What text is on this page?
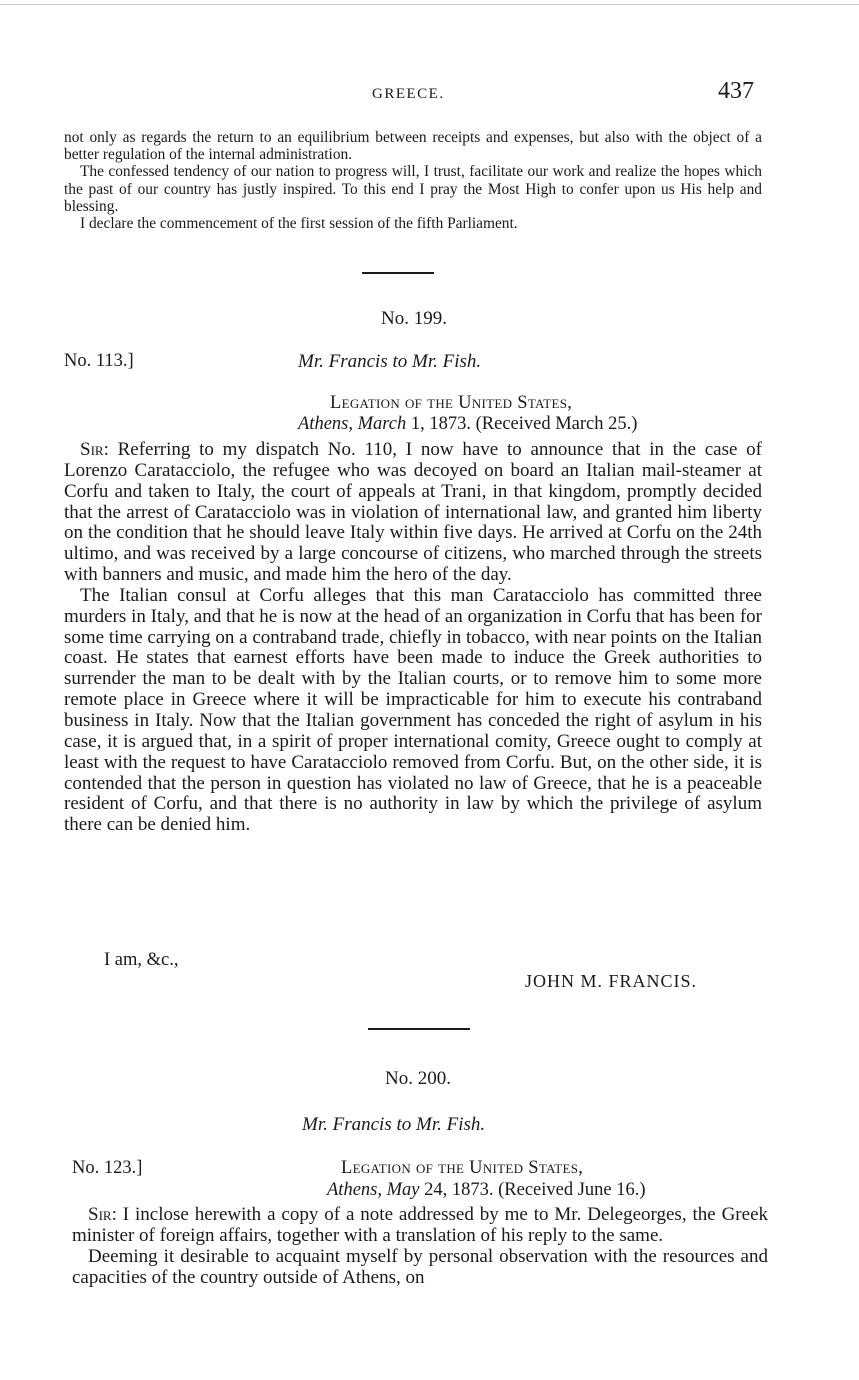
GREECE.	437

not only as regards the return to an equilibrium between receipts and expenses, but also with the object of a better regulation of the internal administration.

The confessed tendency of our nation to progress will, I trust, facilitate our work and realize the hopes which the past of our country has justly inspired. To this end I pray the Most High to confer upon us His help and blessing.

I declare the commencement of the first session of the fifth Parliament.

No. 199.
No. 113.]	Mr. Francis to Mr. Fish.
Legation of the United States,
Athens, March 1, 1873. (Received March 25.)

Sir: Referring to my dispatch No. 110, I now have to announce that in the case of Lorenzo Caratacciolo, the refugee who was decoyed on board an Italian mail-steamer at Corfu and taken to Italy, the court of appeals at Trani, in that kingdom, promptly decided that the arrest of Caratacciolo was in violation of international law, and granted him liberty on the condition that he should leave Italy within five days. He arrived at Corfu on the 24th ultimo, and was received by a large concourse of citizens, who marched through the streets with banners and music, and made him the hero of the day.

The Italian consul at Corfu alleges that this man Caratacciolo has committed three murders in Italy, and that he is now at the head of an organization in Corfu that has been for some time carrying on a contraband trade, chiefly in tobacco, with near points on the Italian coast. He states that earnest efforts have been made to induce the Greek authorities to surrender the man to be dealt with by the Italian courts, or to remove him to some more remote place in Greece where it will be impracticable for him to execute his contraband business in Italy. Now that the Italian government has conceded the right of asylum in his case, it is argued that, in a spirit of proper international comity, Greece ought to comply at least with the request to have Caratacciolo removed from Corfu. But, on the other side, it is contended that the person in question has violated no law of Greece, that he is a peaceable resident of Corfu, and that there is no authority in law by which the privilege of asylum there can be denied him.

I am, &c.,
JOHN M. FRANCIS.
No. 200.
Mr. Francis to Mr. Fish.
No. 123.]	Legation of the United States,
Athens, May 24, 1873. (Received June 16.)

Sir: I inclose herewith a copy of a note addressed by me to Mr. Delegeorges, the Greek minister of foreign affairs, together with a translation of his reply to the same.

Deeming it desirable to acquaint myself by personal observation with the resources and capacities of the country outside of Athens, on
